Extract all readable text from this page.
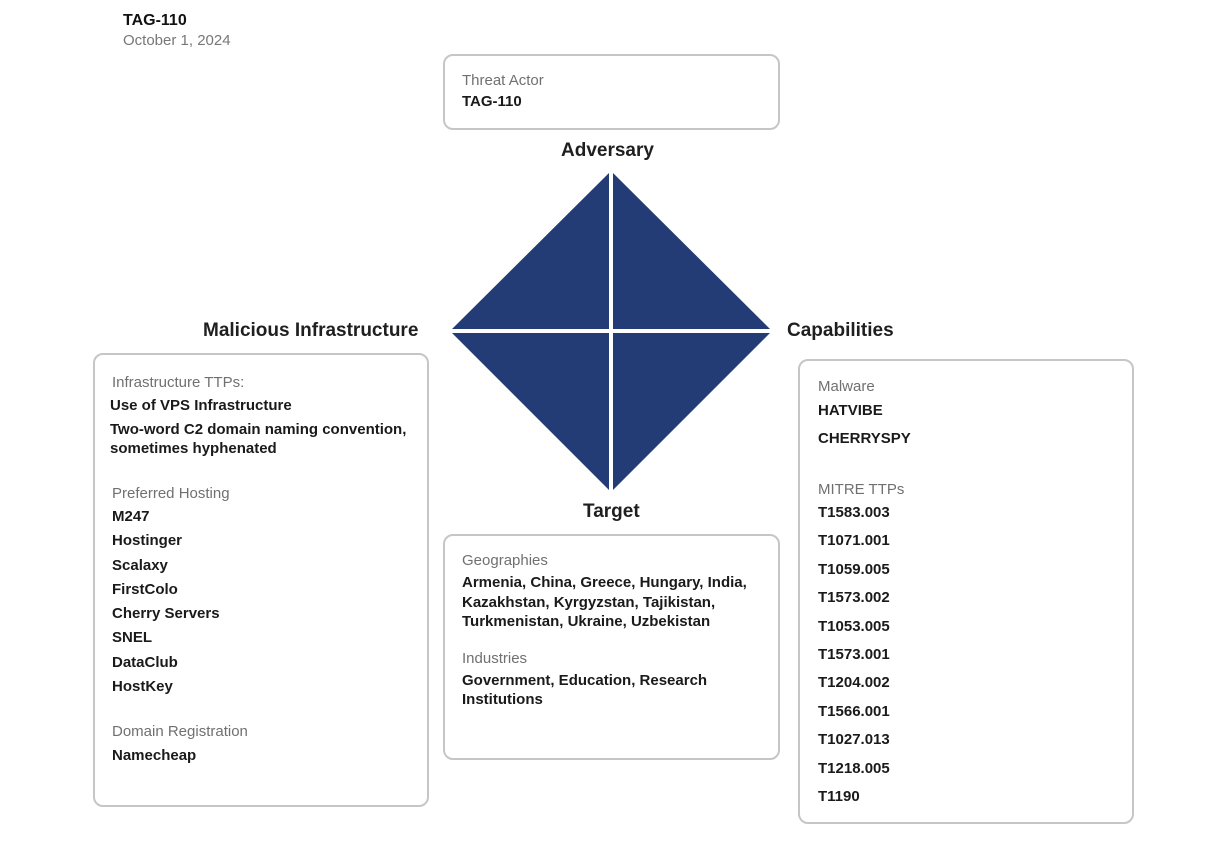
TAG-110
October 1, 2024
Adversary
Malicious Infrastructure	Capabilities
Target
Threat Actor
TAG-110
Infrastructure TTPs:
Use of VPS Infrastructure
Two-word C2 domain naming convention, sometimes hyphenated
Preferred Hosting
M247
Hostinger
Scalaxy
FirstColo
Cherry Servers
SNEL
DataClub
HostKey
Domain Registration
Namecheap
Geographies
Armenia, China, Greece, Hungary, India, Kazakhstan, Kyrgyzstan, Tajikistan, Turkmenistan, Ukraine, Uzbekistan
Industries
Government, Education, Research Institutions
Malware
HATVIBE
CHERRYSPY
MITRE TTPs
T1583.003
T1071.001
T1059.005
T1573.002
T1053.005
T1573.001
T1204.002
T1566.001
T1027.013
T1218.005
T1190
